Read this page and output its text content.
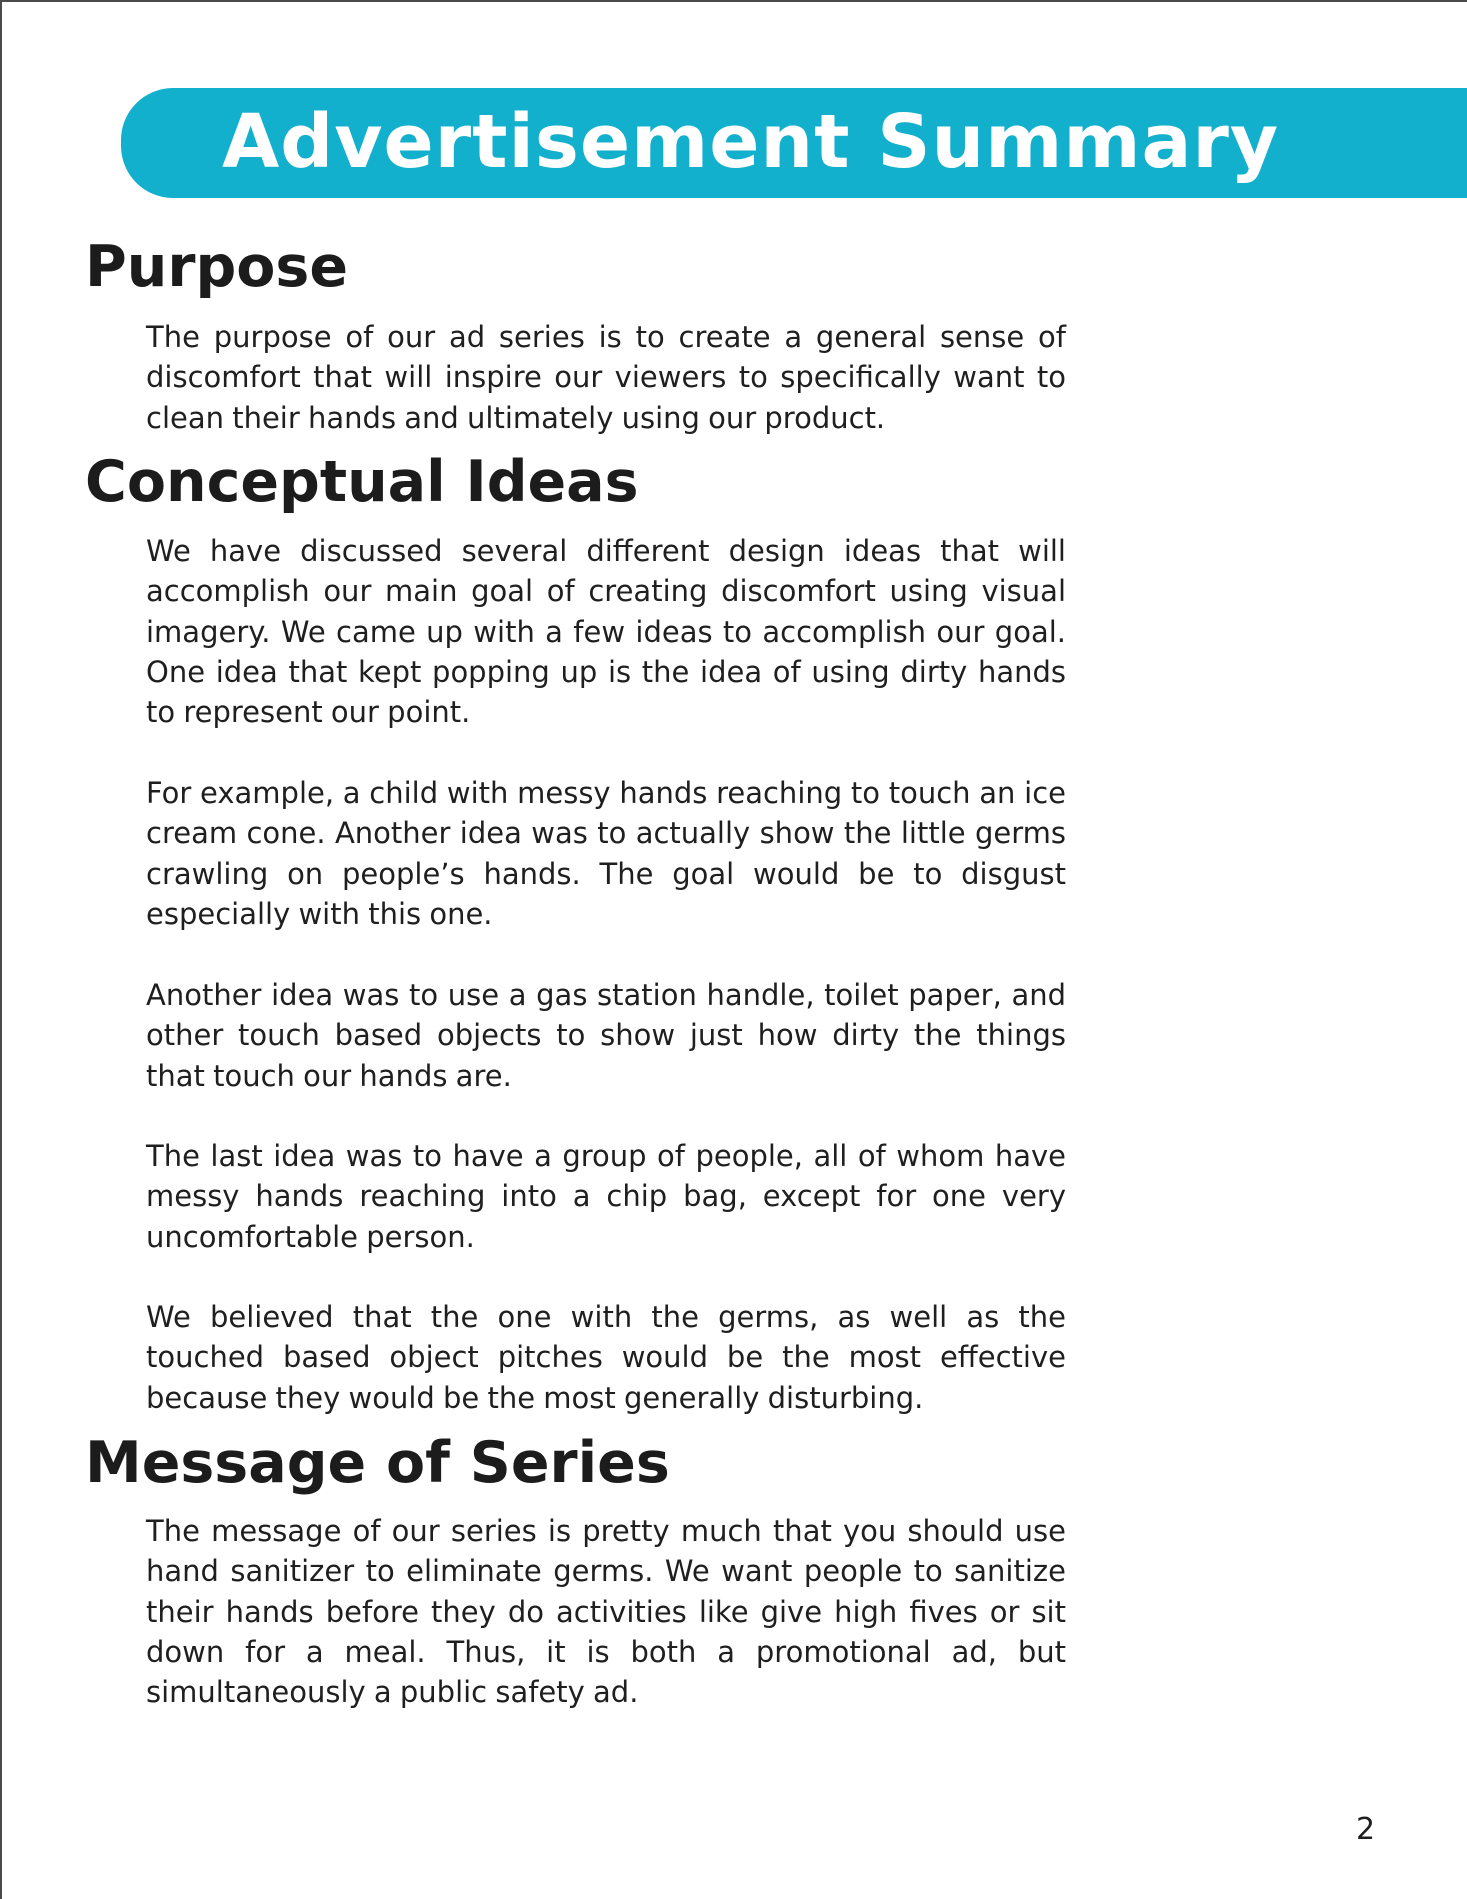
Advertisement Summary
Purpose

The purpose of our ad series is to create a general sense of discomfort that will inspire our viewers to specifically want to clean their hands and ultimately using our product.

Conceptual Ideas

We have discussed several different design ideas that will accomplish our main goal of creating discomfort using visual imagery. We came up with a few ideas to accomplish our goal. One idea that kept popping up is the idea of using dirty hands to represent our point.

For example, a child with messy hands reaching to touch an ice cream cone. Another idea was to actually show the little germs crawling on people’s hands. The goal would be to disgust especially with this one.

Another idea was to use a gas station handle, toilet paper, and other touch based objects to show just how dirty the things that touch our hands are.

The last idea was to have a group of people, all of whom have messy hands reaching into a chip bag, except for one very uncomfortable person.

We believed that the one with the germs, as well as the touched based object pitches would be the most effective because they would be the most generally disturbing.

Message of Series

The message of our series is pretty much that you should use hand sanitizer to eliminate germs. We want people to sanitize their hands before they do activities like give high fives or sit down for a meal. Thus, it is both a promotional ad, but simultaneously a public safety ad.

2
